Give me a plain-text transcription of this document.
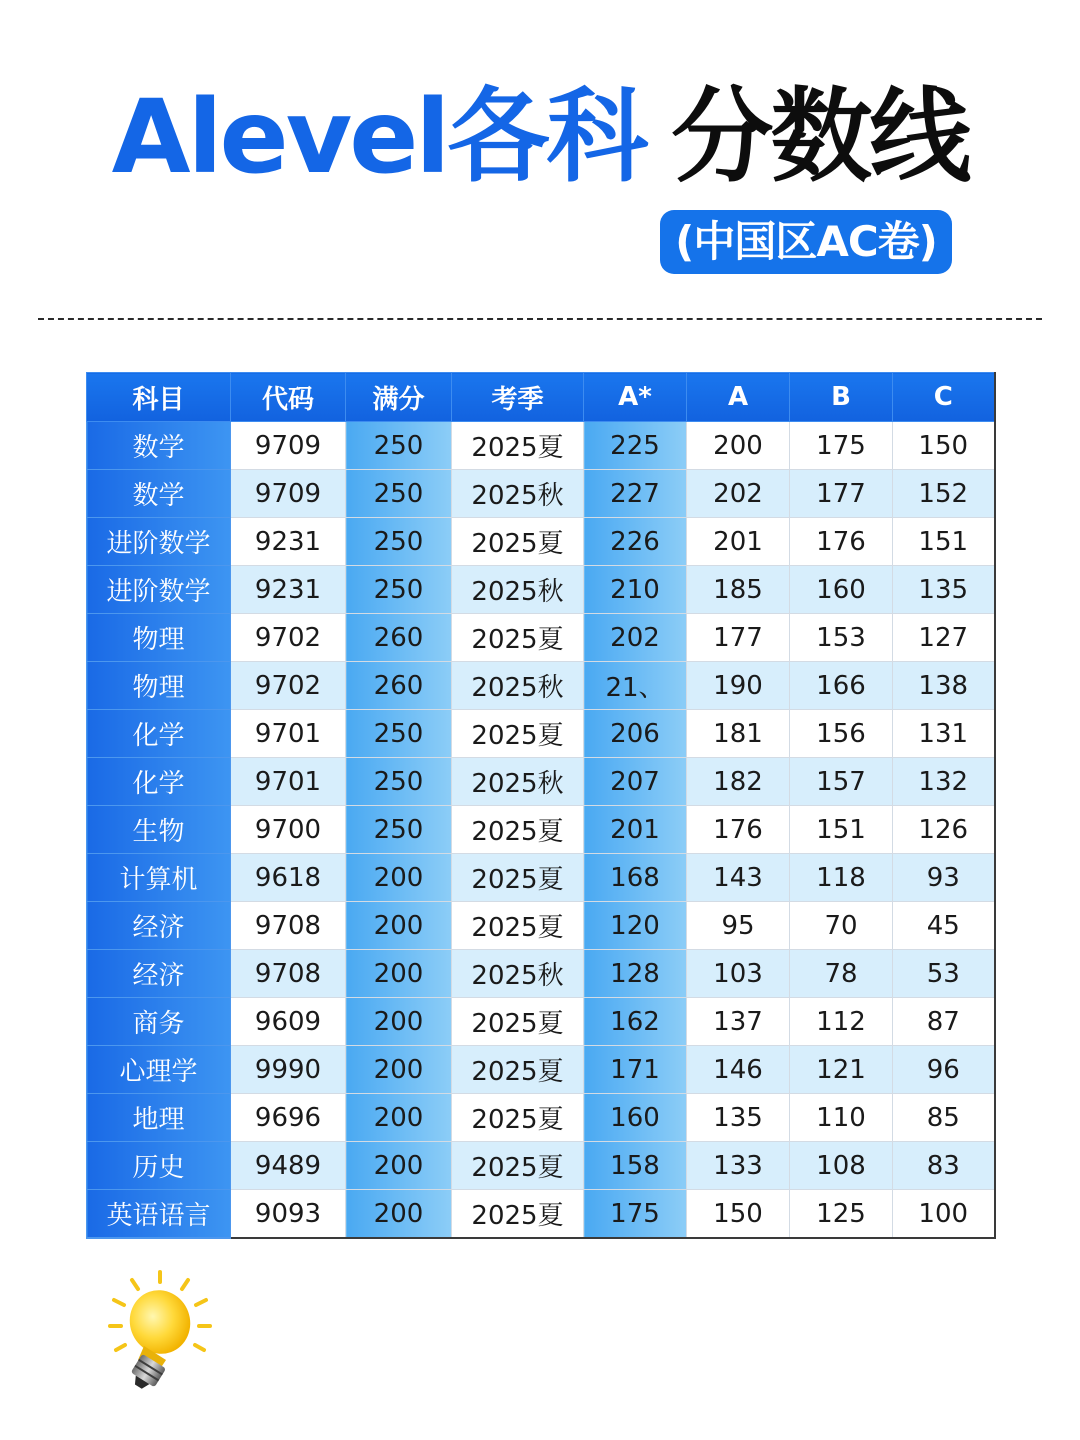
Alevel各科 分数线
(中国区AC卷)
科目	代码	满分	考季	A*	A	B	C
数学	9709	250	2025夏	225	200	175	150
数学	9709	250	2025秋	227	202	177	152
进阶数学	9231	250	2025夏	226	201	176	151
进阶数学	9231	250	2025秋	210	185	160	135
物理	9702	260	2025夏	202	177	153	127
物理	9702	260	2025秋	21、	190	166	138
化学	9701	250	2025夏	206	181	156	131
化学	9701	250	2025秋	207	182	157	132
生物	9700	250	2025夏	201	176	151	126
计算机	9618	200	2025夏	168	143	118	93
经济	9708	200	2025夏	120	95	70	45
经济	9708	200	2025秋	128	103	78	53
商务	9609	200	2025夏	162	137	112	87
心理学	9990	200	2025夏	171	146	121	96
地理	9696	200	2025夏	160	135	110	85
历史	9489	200	2025夏	158	133	108	83
英语语言	9093	200	2025夏	175	150	125	100
